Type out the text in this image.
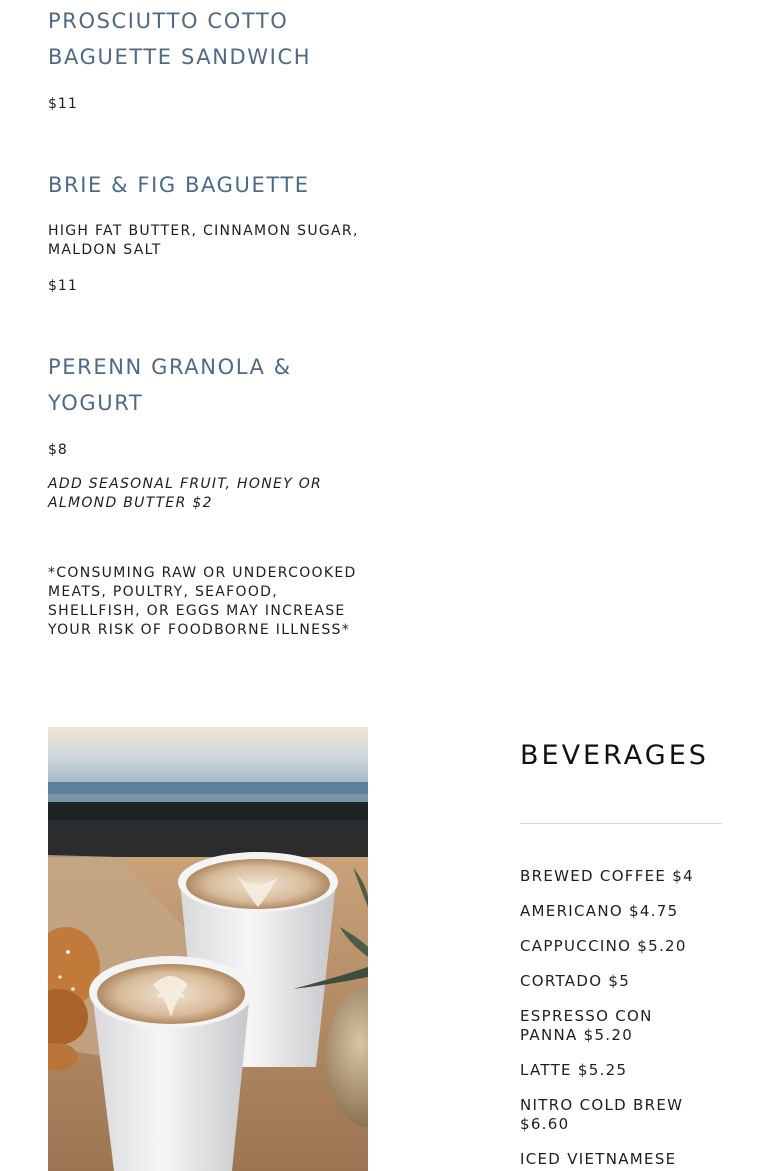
PROSCIUTTO COTTO
BAGUETTE SANDWICH

$11

BRIE & FIG BAGUETTE

HIGH FAT BUTTER, CINNAMON SUGAR,
MALDON SALT

$11

PERENN GRANOLA &
YOGURT

$8

ADD SEASONAL FRUIT, HONEY OR
ALMOND BUTTER $2

*CONSUMING RAW OR UNDERCOOKED
MEATS, POULTRY, SEAFOOD,
SHELLFISH, OR EGGS MAY INCREASE
YOUR RISK OF FOODBORNE ILLNESS*

BEVERAGES

BREWED COFFEE $4

AMERICANO $4.75

CAPPUCCINO $5.20

CORTADO $5

ESPRESSO CON
PANNA $5.20

LATTE $5.25

NITRO COLD BREW
$6.60

ICED VIETNAMESE
